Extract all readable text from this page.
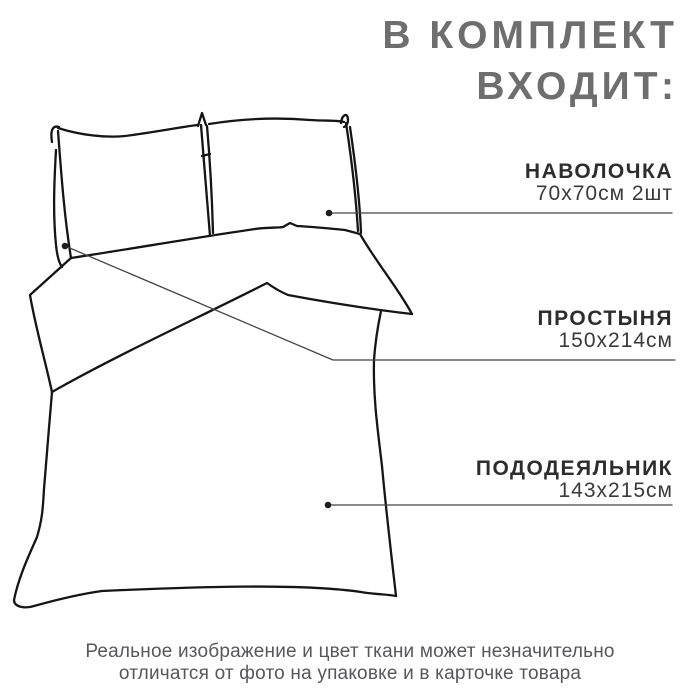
В КОМПЛЕКТ
ВХОДИТ:
НАВОЛОЧКА
70х70см 2шт
ПРОСТЫНЯ
150х214см
ПОДОДЕЯЛЬНИК
143х215см
Реальное изображение и цвет ткани может незначительно
отличатся от фото на упаковке и в карточке товара
